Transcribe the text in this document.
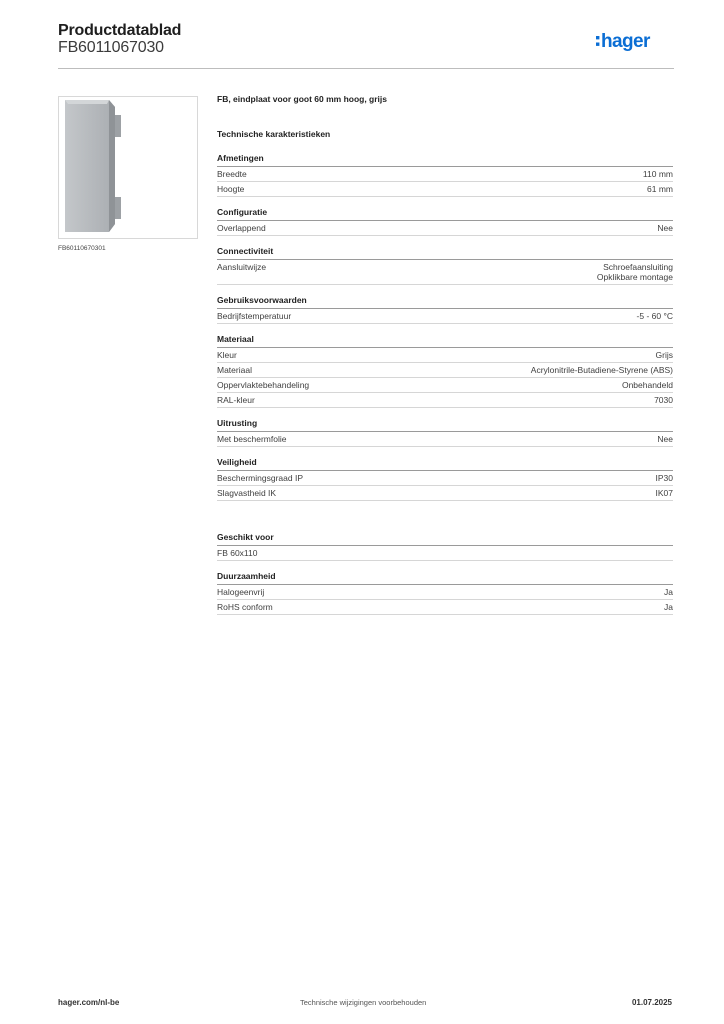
Productdatablad
FB6011067030	hager
FB60110670301
FB, eindplaat voor goot 60 mm hoog, grijs
Technische karakteristieken
Afmetingen
Breedte	110 mm
Hoogte	61 mm
Configuratie
Overlappend	Nee
Connectiviteit
Aansluitwijze	Schroefaansluiting
Opklikbare montage
Gebruiksvoorwaarden
Bedrijfstemperatuur	-5 - 60 °C
Materiaal
Kleur	Grijs
Materiaal	Acrylonitrile-Butadiene-Styrene (ABS)
Oppervlaktebehandeling	Onbehandeld
RAL-kleur	7030
Uitrusting
Met beschermfolie	Nee
Veiligheid
Beschermingsgraad IP	IP30
Slagvastheid IK	IK07
Geschikt voor
FB 60x110
Duurzaamheid
Halogeenvrij	Ja
RoHS conform	Ja
hager.com/nl-be	Technische wijzigingen voorbehouden	01.07.2025
